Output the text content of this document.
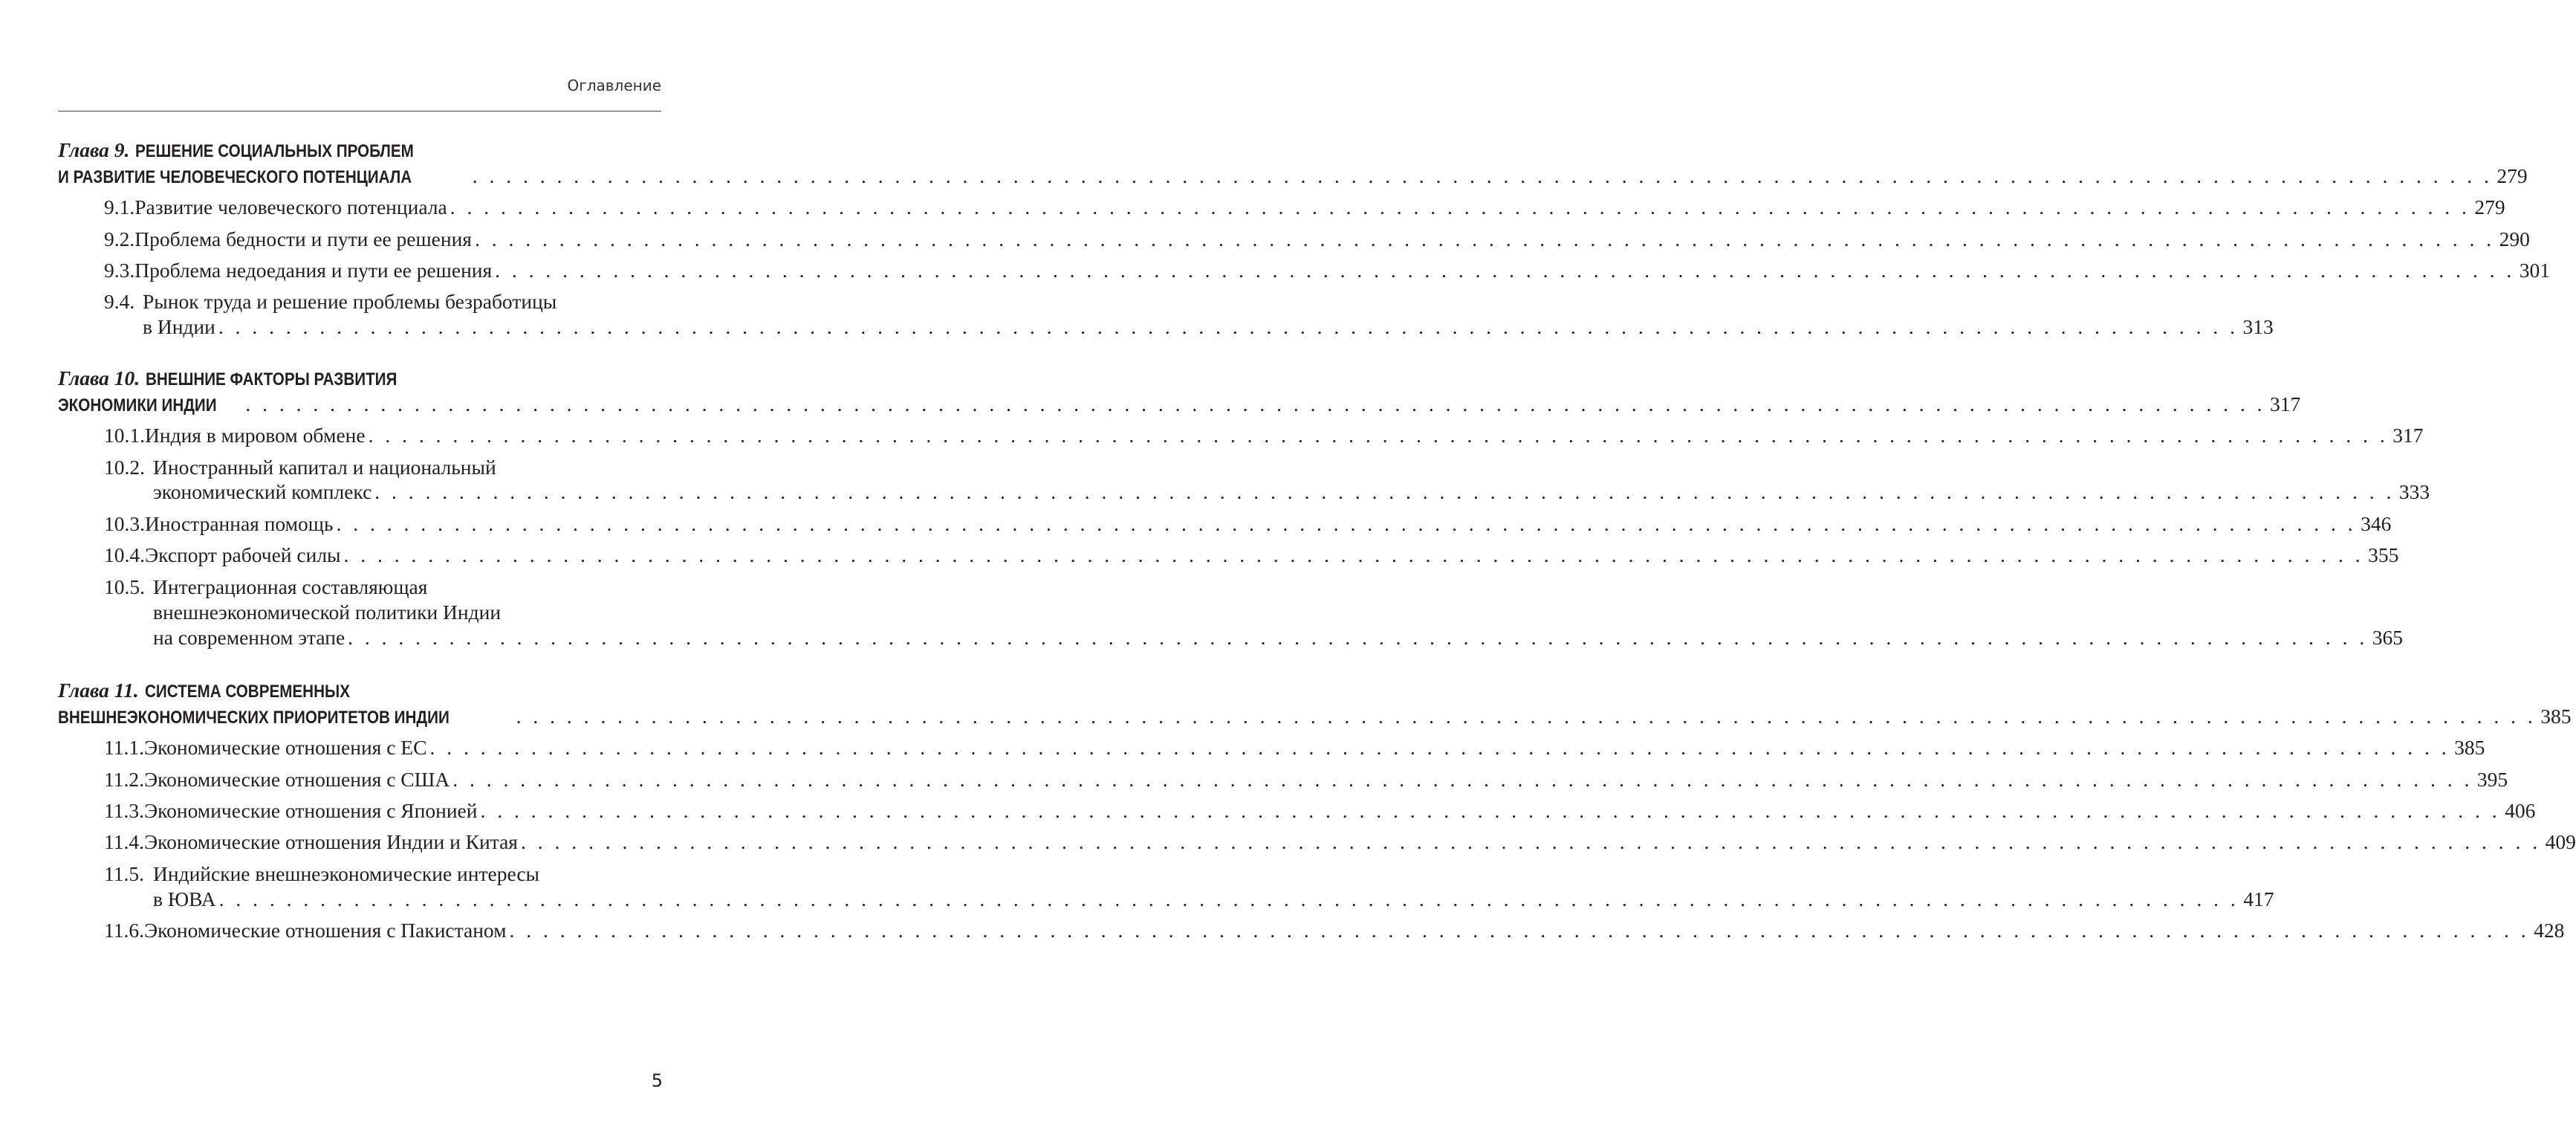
Оглавление
Глава 9. РЕШЕНИЕ СОЦИАЛЬНЫХ ПРОБЛЕМ
И РАЗВИТИЕ ЧЕЛОВЕЧЕСКОГО ПОТЕНЦИАЛА	. . . . . . . . . . . . . . . . . . . . . . . . . . . . . . . . . . . . . . . . . . . . . . . . . . . . . . . . . . . . . . . . . . . . . . . . . . . . . . . . . . . . . . . . . . . . . . . . . . . . . . . . . . . . . . . . . . . . . . . . 279
9.1. Развитие человеческого потенциала . . . . . . . . . . . . . . . . . . . . . . . . . . . . . . . . . . . . . . . . . . . . . . . . . . . . . . . . . . . . . . . . . . . . . . . . . . . . . . . . . . . . . . . . . . . . . . . . . . . . . . . . . . . . . . . . . . . . . . . . 279
9.2. Проблема бедности и пути ее решения . . . . . . . . . . . . . . . . . . . . . . . . . . . . . . . . . . . . . . . . . . . . . . . . . . . . . . . . . . . . . . . . . . . . . . . . . . . . . . . . . . . . . . . . . . . . . . . . . . . . . . . . . . . . . . . . . . . . . . . . 290
9.3. Проблема недоедания и пути ее решения . . . . . . . . . . . . . . . . . . . . . . . . . . . . . . . . . . . . . . . . . . . . . . . . . . . . . . . . . . . . . . . . . . . . . . . . . . . . . . . . . . . . . . . . . . . . . . . . . . . . . . . . . . . . . . . . . . . . . . . . 301
9.4. Рынок труда и решение проблемы безработицы
в Индии . . . . . . . . . . . . . . . . . . . . . . . . . . . . . . . . . . . . . . . . . . . . . . . . . . . . . . . . . . . . . . . . . . . . . . . . . . . . . . . . . . . . . . . . . . . . . . . . . . . . . . . . . . . . . . . . . . . . . . . . 313
Глава 10. ВНЕШНИЕ ФАКТОРЫ РАЗВИТИЯ
ЭКОНОМИКИ ИНДИИ . . . . . . . . . . . . . . . . . . . . . . . . . . . . . . . . . . . . . . . . . . . . . . . . . . . . . . . . . . . . . . . . . . . . . . . . . . . . . . . . . . . . . . . . . . . . . . . . . . . . . . . . . . . . . . . . . . . . . . . . 317
10.1. Индия в мировом обмене . . . . . . . . . . . . . . . . . . . . . . . . . . . . . . . . . . . . . . . . . . . . . . . . . . . . . . . . . . . . . . . . . . . . . . . . . . . . . . . . . . . . . . . . . . . . . . . . . . . . . . . . . . . . . . . . . . . . . . . . 317
10.2. Иностранный капитал и национальный
экономический комплекс . . . . . . . . . . . . . . . . . . . . . . . . . . . . . . . . . . . . . . . . . . . . . . . . . . . . . . . . . . . . . . . . . . . . . . . . . . . . . . . . . . . . . . . . . . . . . . . . . . . . . . . . . . . . . . . . . . . . . . . . 333
10.3. Иностранная помощь . . . . . . . . . . . . . . . . . . . . . . . . . . . . . . . . . . . . . . . . . . . . . . . . . . . . . . . . . . . . . . . . . . . . . . . . . . . . . . . . . . . . . . . . . . . . . . . . . . . . . . . . . . . . . . . . . . . . . . . . 346
10.4. Экспорт рабочей силы . . . . . . . . . . . . . . . . . . . . . . . . . . . . . . . . . . . . . . . . . . . . . . . . . . . . . . . . . . . . . . . . . . . . . . . . . . . . . . . . . . . . . . . . . . . . . . . . . . . . . . . . . . . . . . . . . . . . . . . . 355
10.5. Интеграционная составляющая
внешнеэкономической политики Индии
на современном этапе . . . . . . . . . . . . . . . . . . . . . . . . . . . . . . . . . . . . . . . . . . . . . . . . . . . . . . . . . . . . . . . . . . . . . . . . . . . . . . . . . . . . . . . . . . . . . . . . . . . . . . . . . . . . . . . . . . . . . . . . 365
Глава 11. СИСТЕМА СОВРЕМЕННЫХ
ВНЕШНЕЭКОНОМИЧЕСКИХ ПРИОРИТЕТОВ ИНДИИ	. . . . . . . . . . . . . . . . . . . . . . . . . . . . . . . . . . . . . . . . . . . . . . . . . . . . . . . . . . . . . . . . . . . . . . . . . . . . . . . . . . . . . . . . . . . . . . . . . . . . . . . . . . . . . . . . . . . . . . . . 385
11.1. Экономические отношения с ЕС . . . . . . . . . . . . . . . . . . . . . . . . . . . . . . . . . . . . . . . . . . . . . . . . . . . . . . . . . . . . . . . . . . . . . . . . . . . . . . . . . . . . . . . . . . . . . . . . . . . . . . . . . . . . . . . . . . . . . . . . 385
11.2. Экономические отношения с США . . . . . . . . . . . . . . . . . . . . . . . . . . . . . . . . . . . . . . . . . . . . . . . . . . . . . . . . . . . . . . . . . . . . . . . . . . . . . . . . . . . . . . . . . . . . . . . . . . . . . . . . . . . . . . . . . . . . . . . . 395
11.3. Экономические отношения с Японией . . . . . . . . . . . . . . . . . . . . . . . . . . . . . . . . . . . . . . . . . . . . . . . . . . . . . . . . . . . . . . . . . . . . . . . . . . . . . . . . . . . . . . . . . . . . . . . . . . . . . . . . . . . . . . . . . . . . . . . . 406
11.4. Экономические отношения Индии и Китая . . . . . . . . . . . . . . . . . . . . . . . . . . . . . . . . . . . . . . . . . . . . . . . . . . . . . . . . . . . . . . . . . . . . . . . . . . . . . . . . . . . . . . . . . . . . . . . . . . . . . . . . . . . . . . . . . . . . . . . . 409
11.5. Индийские внешнеэкономические интересы
в ЮВА . . . . . . . . . . . . . . . . . . . . . . . . . . . . . . . . . . . . . . . . . . . . . . . . . . . . . . . . . . . . . . . . . . . . . . . . . . . . . . . . . . . . . . . . . . . . . . . . . . . . . . . . . . . . . . . . . . . . . . . . 417
11.6. Экономические отношения с Пакистаном . . . . . . . . . . . . . . . . . . . . . . . . . . . . . . . . . . . . . . . . . . . . . . . . . . . . . . . . . . . . . . . . . . . . . . . . . . . . . . . . . . . . . . . . . . . . . . . . . . . . . . . . . . . . . . . . . . . . . . . . 428
5
